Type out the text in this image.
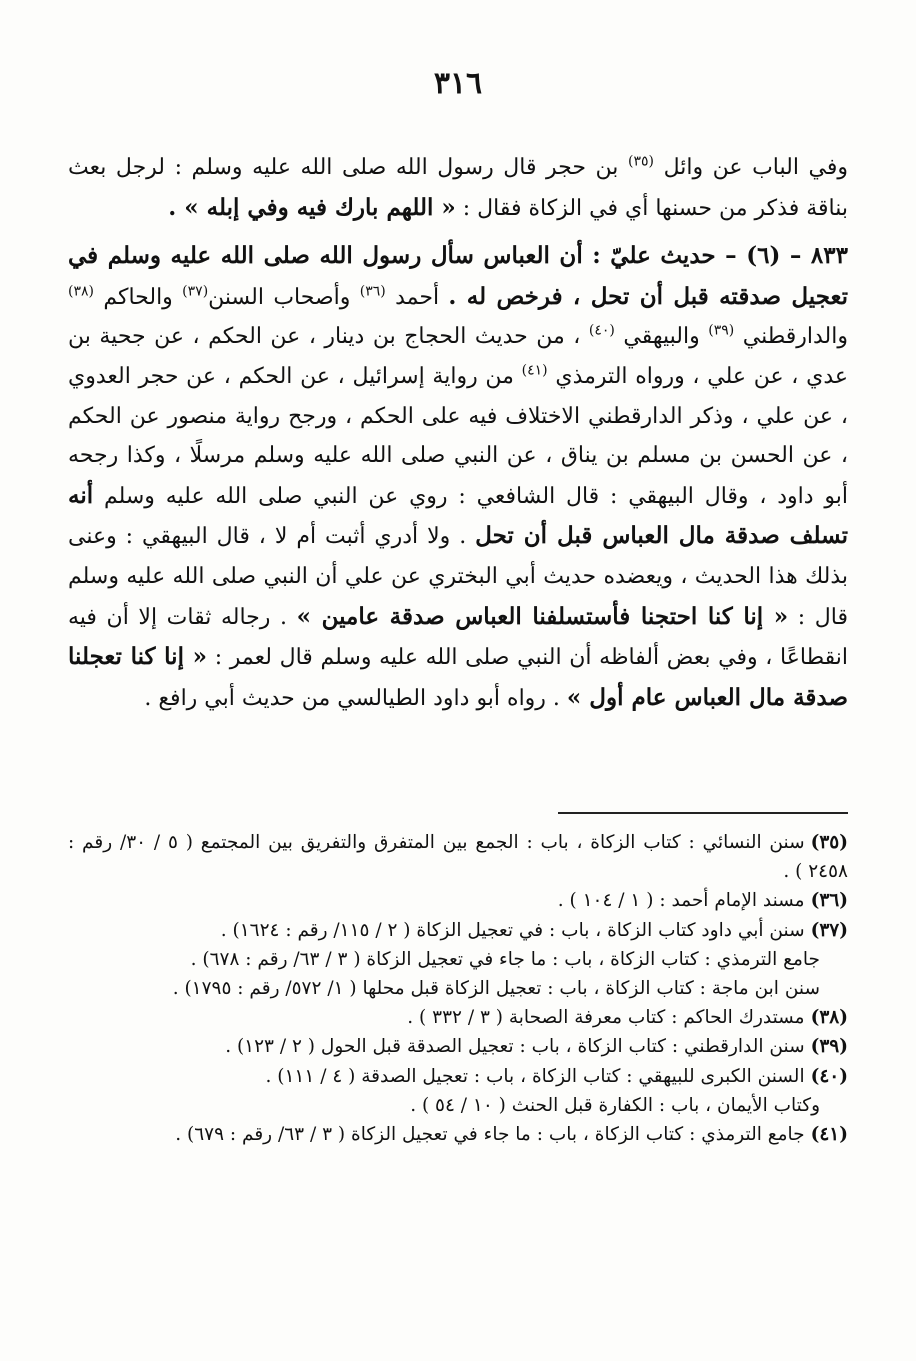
٣١٦

وفي الباب عن وائل $^{(٣٥)}$ بن حجر قال رسول الله صلى الله عليه وسلم : لرجل بعث بناقة فذكر من حسنها أي في الزكاة فقال : « اللهم بارك فيه وفي إبله » .

٨٣٣ – (٦) – حديث عليّ : أن العباس سأل رسول الله صلى الله عليه وسلم في تعجيل صدقته قبل أن تحل ، فرخص له . أحمد $^{(٣٦)}$ وأصحاب السنن$^{(٣٧)}$ والحاكم $^{(٣٨)}$ والدارقطني $^{(٣٩)}$ والبيهقي $^{(٤٠)}$ ، من حديث الحجاج بن دينار ، عن الحكم ، عن جحية بن عدي ، عن علي ، ورواه الترمذي $^{(٤١)}$ من رواية إسرائيل ، عن الحكم ، عن حجر العدوي ، عن علي ، وذكر الدارقطني الاختلاف فيه على الحكم ، ورجح رواية منصور عن الحكم ، عن الحسن بن مسلم بن يناق ، عن النبي صلى الله عليه وسلم مرسلًا ، وكذا رجحه أبو داود ، وقال البيهقي : قال الشافعي : روي عن النبي صلى الله عليه وسلم أنه تسلف صدقة مال العباس قبل أن تحل . ولا أدري أثبت أم لا ، قال البيهقي : وعنى بذلك هذا الحديث ، ويعضده حديث أبي البختري عن علي أن النبي صلى الله عليه وسلم قال : « إنا كنا احتجنا فأستسلفنا العباس صدقة عامين » . رجاله ثقات إلا أن فيه انقطاعًا ، وفي بعض ألفاظه أن النبي صلى الله عليه وسلم قال لعمر : « إنا كنا تعجلنا صدقة مال العباس عام أول » . رواه أبو داود الطيالسي من حديث أبي رافع .

(٣٥)سنن النسائي : كتاب الزكاة ، باب : الجمع بين المتفرق والتفريق بين المجتمع ( ٥ / ٣٠/ رقم : ٢٤٥٨ ) .

(٣٦)مسند الإمام أحمد : ( ١ / ١٠٤ ) .

(٣٧)سنن أبي داود كتاب الزكاة ، باب : في تعجيل الزكاة ( ٢ / ١١٥/ رقم : ١٦٢٤) .

جامع الترمذي : كتاب الزكاة ، باب : ما جاء في تعجيل الزكاة ( ٣ / ٦٣/ رقم : ٦٧٨) .

سنن ابن ماجة : كتاب الزكاة ، باب : تعجيل الزكاة قبل محلها ( ١/ ٥٧٢/ رقم : ١٧٩٥) .

(٣٨)مستدرك الحاكم : كتاب معرفة الصحابة ( ٣ / ٣٣٢ ) .

(٣٩)سنن الدارقطني : كتاب الزكاة ، باب : تعجيل الصدقة قبل الحول ( ٢ / ١٢٣) .

(٤٠)السنن الكبرى للبيهقي : كتاب الزكاة ، باب : تعجيل الصدقة ( ٤ / ١١١) .

وكتاب الأيمان ، باب : الكفارة قبل الحنث ( ١٠ / ٥٤ ) .

(٤١)جامع الترمذي : كتاب الزكاة ، باب : ما جاء في تعجيل الزكاة ( ٣ / ٦٣/ رقم : ٦٧٩) .
